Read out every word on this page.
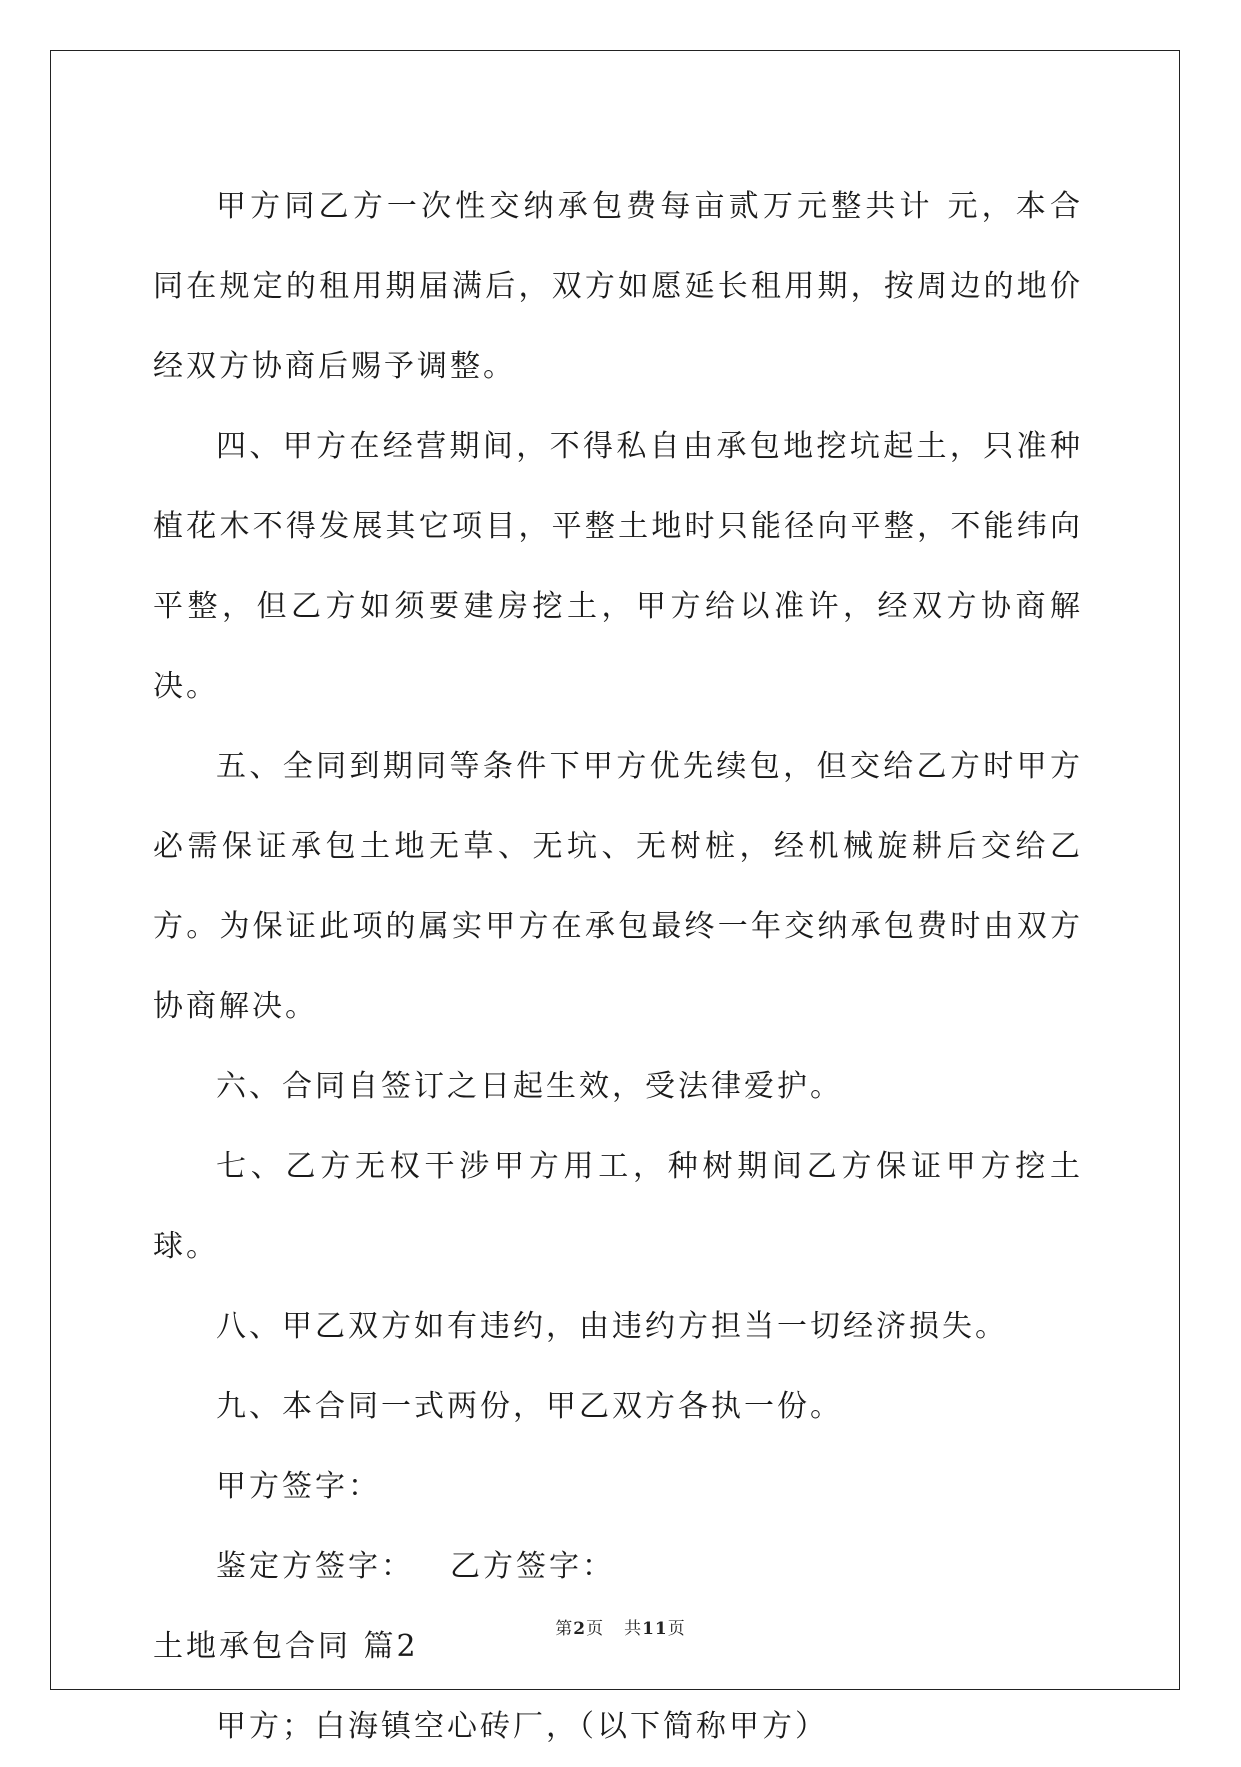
甲方同乙方一次性交纳承包费每亩贰万元整共计 元，本合同在规定的租用期届满后，双方如愿延长租用期，按周边的地价经双方协商后赐予调整。

四、甲方在经营期间，不得私自由承包地挖坑起土，只准种植花木不得发展其它项目，平整土地时只能径向平整，不能纬向平整，但乙方如须要建房挖土，甲方给以准许，经双方协商解决。

五、全同到期同等条件下甲方优先续包，但交给乙方时甲方必需保证承包土地无草、无坑、无树桩，经机械旋耕后交给乙方。为保证此项的属实甲方在承包最终一年交纳承包费时由双方协商解决。

六、合同自签订之日起生效，受法律爱护。

七、乙方无权干涉甲方用工，种树期间乙方保证甲方挖土球。

八、甲乙双方如有违约，由违约方担当一切经济损失。

九、本合同一式两份，甲乙双方各执一份。

甲方签字：

鉴定方签字： 乙方签字：

土地承包合同 篇2

甲方；白海镇空心砖厂，（以下简称甲方）

第2页 共11页
